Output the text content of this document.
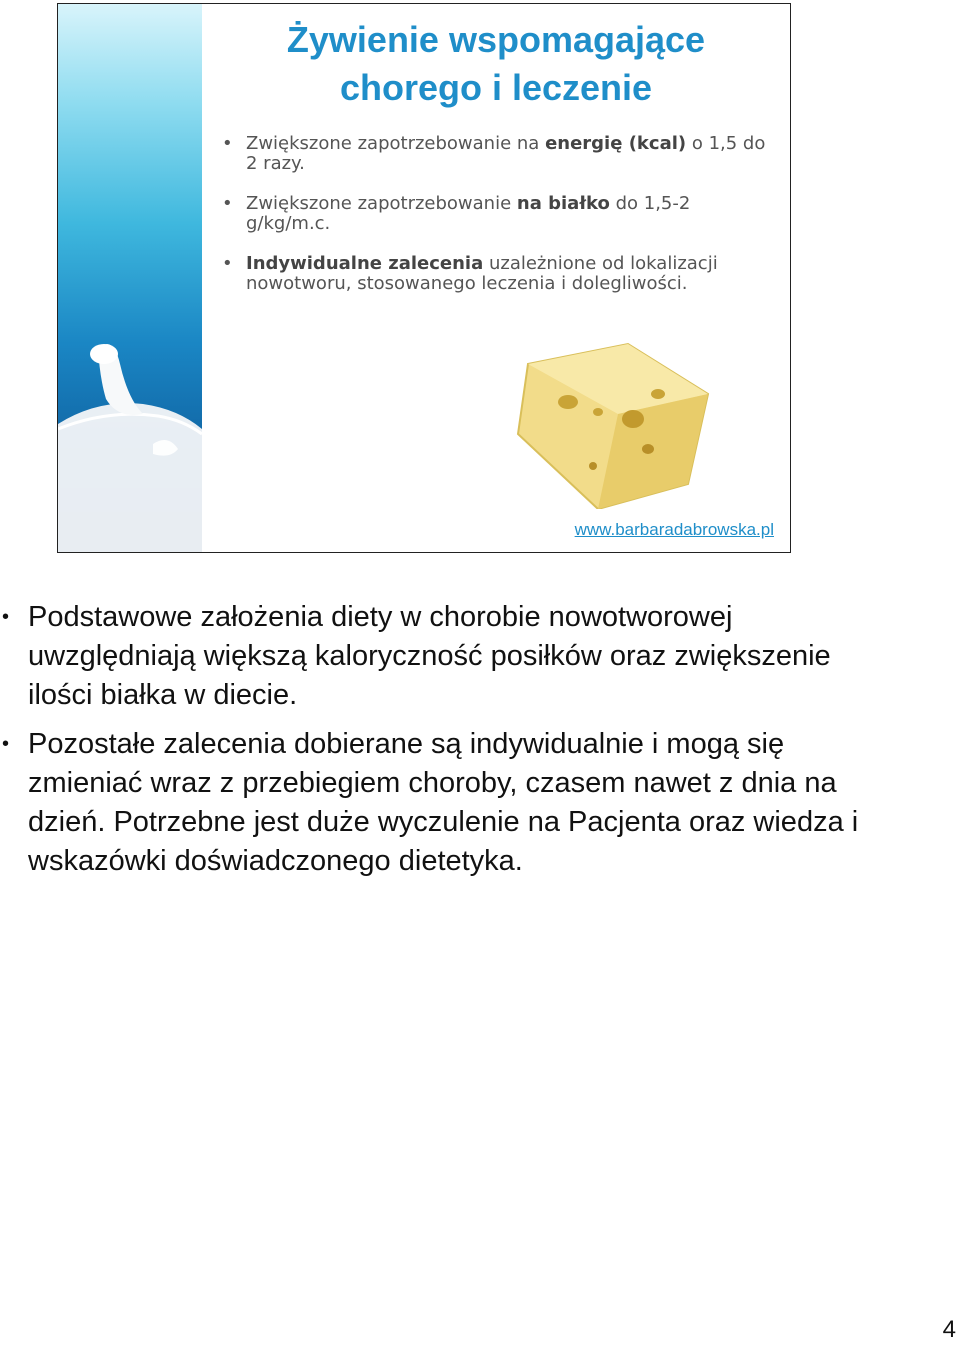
Żywienie wspomagające
chorego i leczenie
• Zwiększone zapotrzebowanie na energię (kcal) o 1,5 do 2 razy.
• Zwiększone zapotrzebowanie na białko do 1,5-2 g/kg/m.c.
• Indywidualne zalecenia uzależnione od lokalizacji nowotworu, stosowanego leczenia i dolegliwości.
www.barbaradabrowska.pl
• Podstawowe założenia diety w chorobie nowotworowej uwzględniają większą kaloryczność posiłków oraz zwiększenie ilości białka w diecie.
• Pozostałe zalecenia dobierane są indywidualnie i mogą się zmieniać wraz z przebiegiem choroby, czasem nawet z dnia na dzień. Potrzebne jest duże wyczulenie na Pacjenta oraz wiedza i wskazówki doświadczonego dietetyka.
4
